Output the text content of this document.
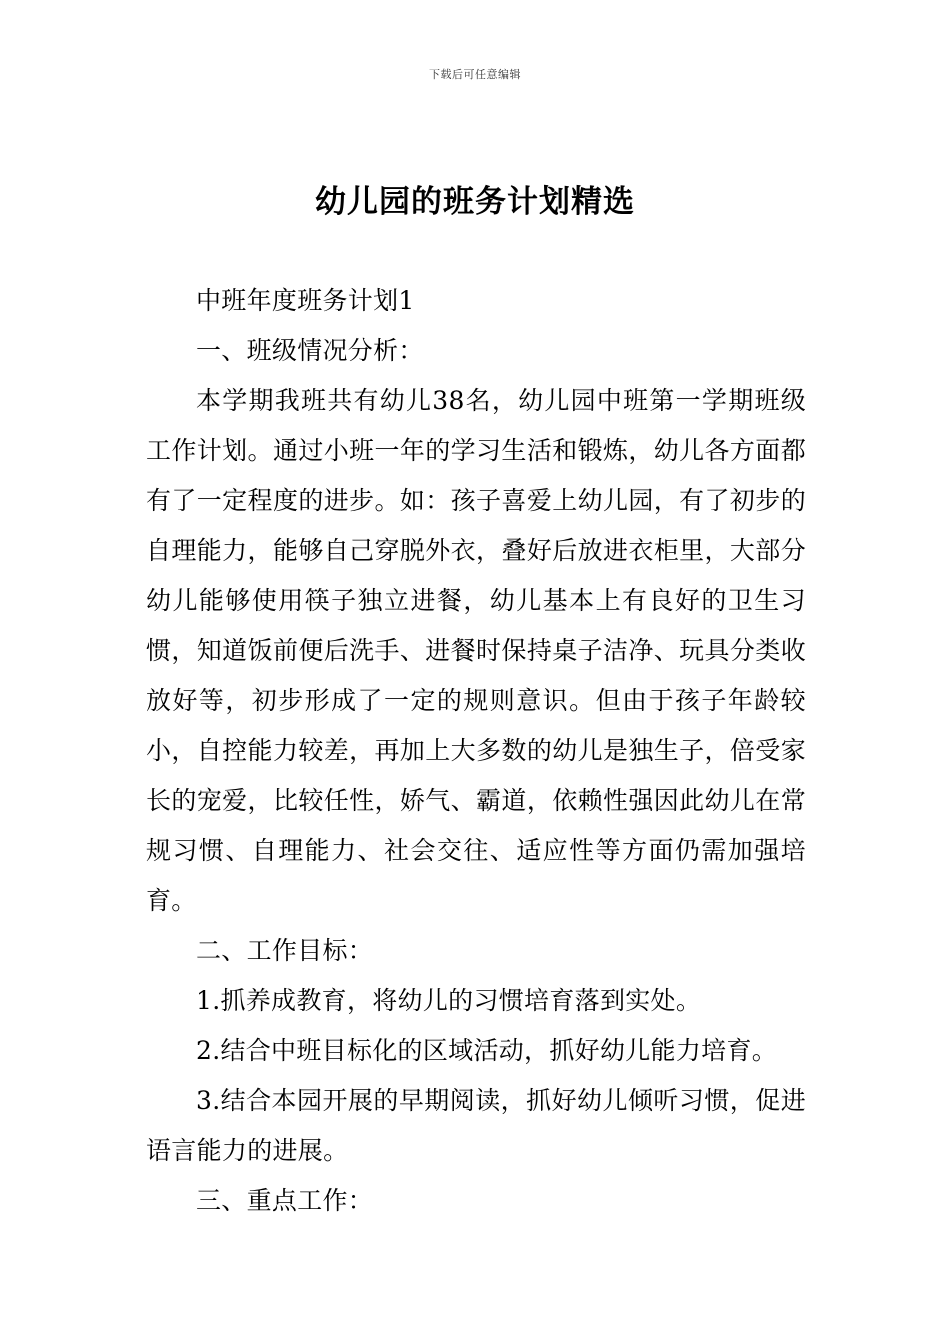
下载后可任意编辑
幼儿园的班务计划精选

中班年度班务计划1

一、班级情况分析：

本学期我班共有幼儿38名，幼儿园中班第一学期班级工作计划。通过小班一年的学习生活和锻炼，幼儿各方面都有了一定程度的进步。如：孩子喜爱上幼儿园，有了初步的自理能力，能够自己穿脱外衣，叠好后放进衣柜里，大部分幼儿能够使用筷子独立进餐，幼儿基本上有良好的卫生习惯，知道饭前便后洗手、进餐时保持桌子洁净、玩具分类收放好等，初步形成了一定的规则意识。但由于孩子年龄较小，自控能力较差，再加上大多数的幼儿是独生子，倍受家长的宠爱，比较任性，娇气、霸道，依赖性强因此幼儿在常规习惯、自理能力、社会交往、适应性等方面仍需加强培育。

二、工作目标：

1.抓养成教育，将幼儿的习惯培育落到实处。

2.结合中班目标化的区域活动，抓好幼儿能力培育。

3.结合本园开展的早期阅读，抓好幼儿倾听习惯，促进语言能力的进展。

三、重点工作：
